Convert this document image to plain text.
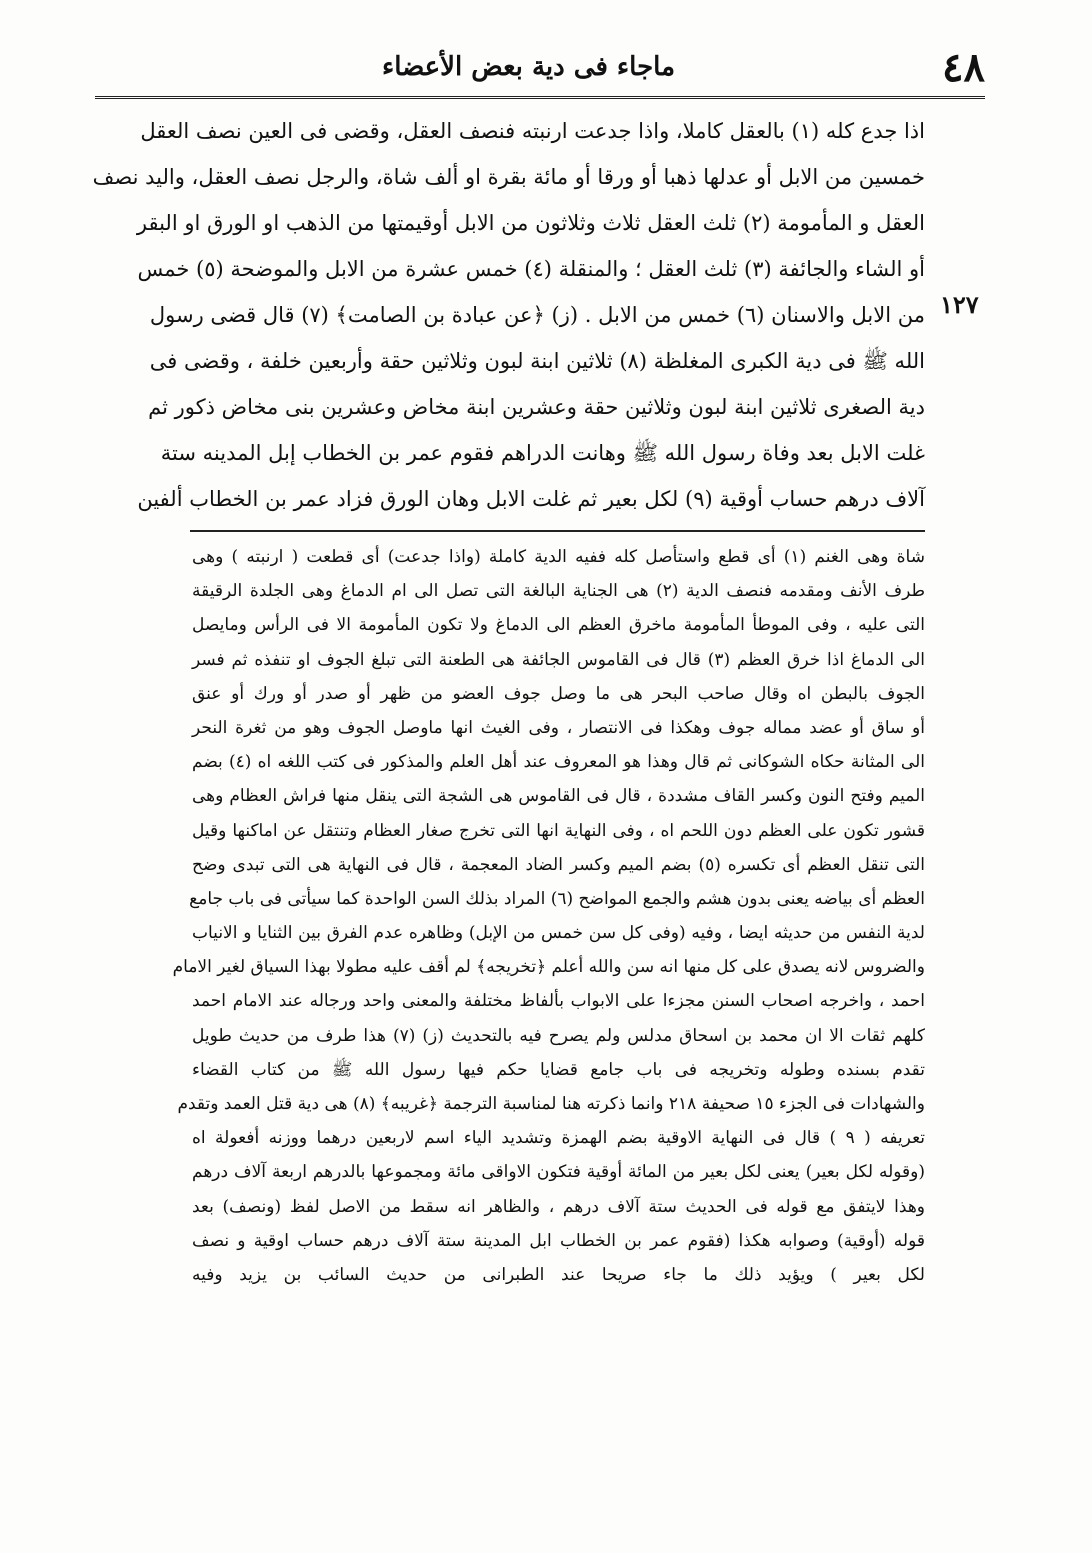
٤٨
ماجاء فى دية بعض الأعضاء
١٢٧
اذا جدع كله (١) بالعقل كاملا، واذا جدعت ارنبته فنصف العقل، وقضى فى العين نصف العقل
خمسين من الابل أو عدلها ذهبا أو ورقا أو مائة بقرة او ألف شاة، والرجل نصف العقل، واليد نصف
العقل و المأمومة (٢) ثلث العقل ثلاث وثلاثون من الابل أوقيمتها من الذهب او الورق او البقر
أو الشاء والجائفة (٣) ثلث العقل ؛ والمنقلة (٤) خمس عشرة من الابل والموضحة (٥) خمس
من الابل والاسنان (٦) خمس من الابل . (ز) ﴿عن عبادة بن الصامت﴾ (٧) قال قضى رسول
الله ﷺ فى دية الكبرى المغلظة (٨) ثلاثين ابنة لبون وثلاثين حقة وأربعين خلفة ، وقضى فى
دية الصغرى ثلاثين ابنة لبون وثلاثين حقة وعشرين ابنة مخاض وعشرين بنى مخاض ذكور ثم
غلت الابل بعد وفاة رسول الله ﷺ وهانت الدراهم فقوم عمر بن الخطاب إبل المدينه ستة
آلاف درهم حساب أوقية (٩) لكل بعير ثم غلت الابل وهان الورق فزاد عمر بن الخطاب ألفين
شاة وهى الغنم (١) أى قطع واستأصل كله ففيه الدية كاملة (واذا جدعت) أى قطعت ( ارنبته ) وهى
طرف الأنف ومقدمه فنصف الدية (٢) هى الجناية البالغة التى تصل الى ام الدماغ وهى الجلدة الرقيقة
التى عليه ، وفى الموطأ المأمومة ماخرق العظم الى الدماغ ولا تكون المأمومة الا فى الرأس ومايصل
الى الدماغ اذا خرق العظم (٣) قال فى القاموس الجائفة هى الطعنة التى تبلغ الجوف او تنفذه ثم فسر
الجوف بالبطن اه وقال صاحب البحر هى ما وصل جوف العضو من ظهر أو صدر أو ورك أو عنق
أو ساق أو عضد مماله جوف وهكذا فى الانتصار ، وفى الغيث انها ماوصل الجوف وهو من ثغرة النحر
الى المثانة حكاه الشوكانى ثم قال وهذا هو المعروف عند أهل العلم والمذكور فى كتب اللغه اه (٤) بضم
الميم وفتح النون وكسر القاف مشددة ، قال فى القاموس هى الشجة التى ينقل منها فراش العظام وهى
قشور تكون على العظم دون اللحم اه ، وفى النهاية انها التى تخرج صغار العظام وتنتقل عن اماكنها وقيل
التى تنقل العظم أى تكسره (٥) بضم الميم وكسر الضاد المعجمة ، قال فى النهاية هى التى تبدى وضح
العظم أى بياضه يعنى بدون هشم والجمع المواضح (٦) المراد بذلك السن الواحدة كما سيأتى فى باب جامع
لدية النفس من حديثه ايضا ، وفيه (وفى كل سن خمس من الإبل) وظاهره عدم الفرق بين الثنايا و الانياب
والضروس لانه يصدق على كل منها انه سن والله أعلم ﴿تخريجه﴾ لم أقف عليه مطولا بهذا السياق لغير الامام
احمد ، واخرجه اصحاب السنن مجزءا على الابواب بألفاظ مختلفة والمعنى واحد ورجاله عند الامام احمد
كلهم ثقات الا ان محمد بن اسحاق مدلس ولم يصرح فيه بالتحديث (ز) (٧) هذا طرف من حديث طويل
تقدم بسنده وطوله وتخريجه فى باب جامع قضايا حكم فيها رسول الله ﷺ من كتاب القضاء
والشهادات فى الجزء ١٥ صحيفة ٢١٨ وانما ذكرته هنا لمناسبة الترجمة ﴿غريبه﴾ (٨) هى دية قتل العمد وتقدم
تعريفه ( ٩ ) قال فى النهاية الاوقية بضم الهمزة وتشديد الياء اسم لاربعين درهما ووزنه أفعولة اه
(وقوله لكل بعير) يعنى لكل بعير من المائة أوقية فتكون الاواقى مائة ومجموعها بالدرهم اربعة آلاف درهم
وهذا لايتفق مع قوله فى الحديث ستة آلاف درهم ، والظاهر انه سقط من الاصل لفظ (ونصف) بعد
قوله (أوقية) وصوابه هكذا (فقوم عمر بن الخطاب ابل المدينة ستة آلاف درهم حساب اوقية و نصف
لكل بعير ) ويؤيد ذلك ما جاء صريحا عند الطبرانى من حديث السائب بن يزيد وفيه
